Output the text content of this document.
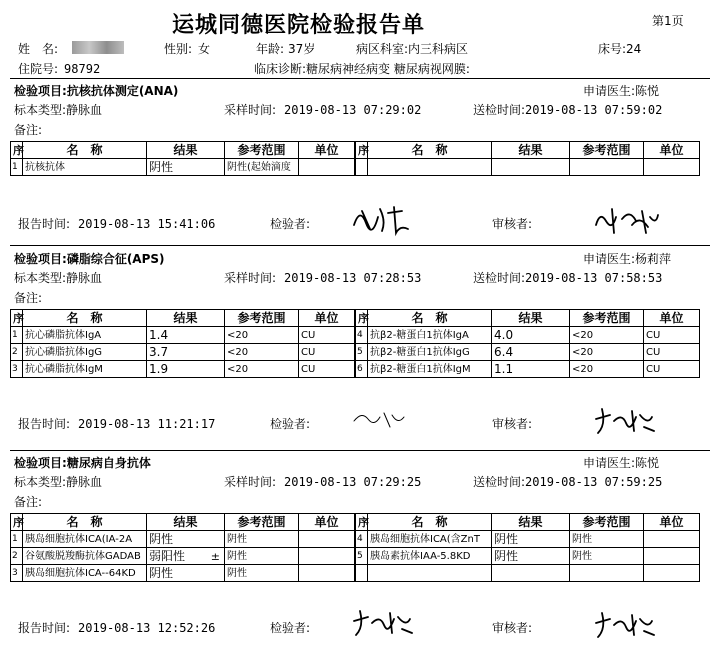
运城同德医院检验报告单	第1页
姓　名:	性别: 女	年龄: 37岁	病区科室:内三科病区	床号:24
住院号: 98792	临床诊断:糖尿病神经病变 糖尿病视网膜:
检验项目:抗核抗体测定(ANA)	申请医生:陈悦
标本类型:静脉血	采样时间: 2019-08-13 07:29:02	送检时间:2019-08-13 07:59:02
备注:
序	名　称	结果	参考范围	单位
1	抗核抗体	阴性	阴性(起始滴度	
序	名　称	结果	参考范围	单位

报告时间: 2019-08-13 15:41:06	检验者:	审核者:
检验项目:磷脂综合征(APS)	申请医生:杨莉萍
标本类型:静脉血	采样时间: 2019-08-13 07:28:53	送检时间:2019-08-13 07:58:53
备注:
序	名　称	结果	参考范围	单位
1	抗心磷脂抗体IgA	1.4	<20	CU
2	抗心磷脂抗体IgG	3.7	<20	CU
3	抗心磷脂抗体IgM	1.9	<20	CU
序	名　称	结果	参考范围	单位
4	抗β2-糖蛋白1抗体IgA	4.0	<20	CU
5	抗β2-糖蛋白1抗体IgG	6.4	<20	CU
6	抗β2-糖蛋白1抗体IgM	1.1	<20	CU
报告时间: 2019-08-13 11:21:17	检验者:	审核者:
检验项目:糖尿病自身抗体	申请医生:陈悦
标本类型:静脉血	采样时间: 2019-08-13 07:29:25	送检时间:2019-08-13 07:59:25
备注:
序	名　称	结果	参考范围	单位
1	胰岛细胞抗体ICA(IA-2A	阴性	阴性	
2	谷氨酸脱羧酶抗体GADAB	弱阳性 ±	阴性	
3	胰岛细胞抗体ICA--64KD	阴性	阴性	
序	名　称	结果	参考范围	单位
4	胰岛细胞抗体ICA(含ZnT	阴性	阴性	
5	胰岛素抗体IAA-5.8KD	阴性	阴性	

报告时间: 2019-08-13 12:52:26	检验者:	审核者:
